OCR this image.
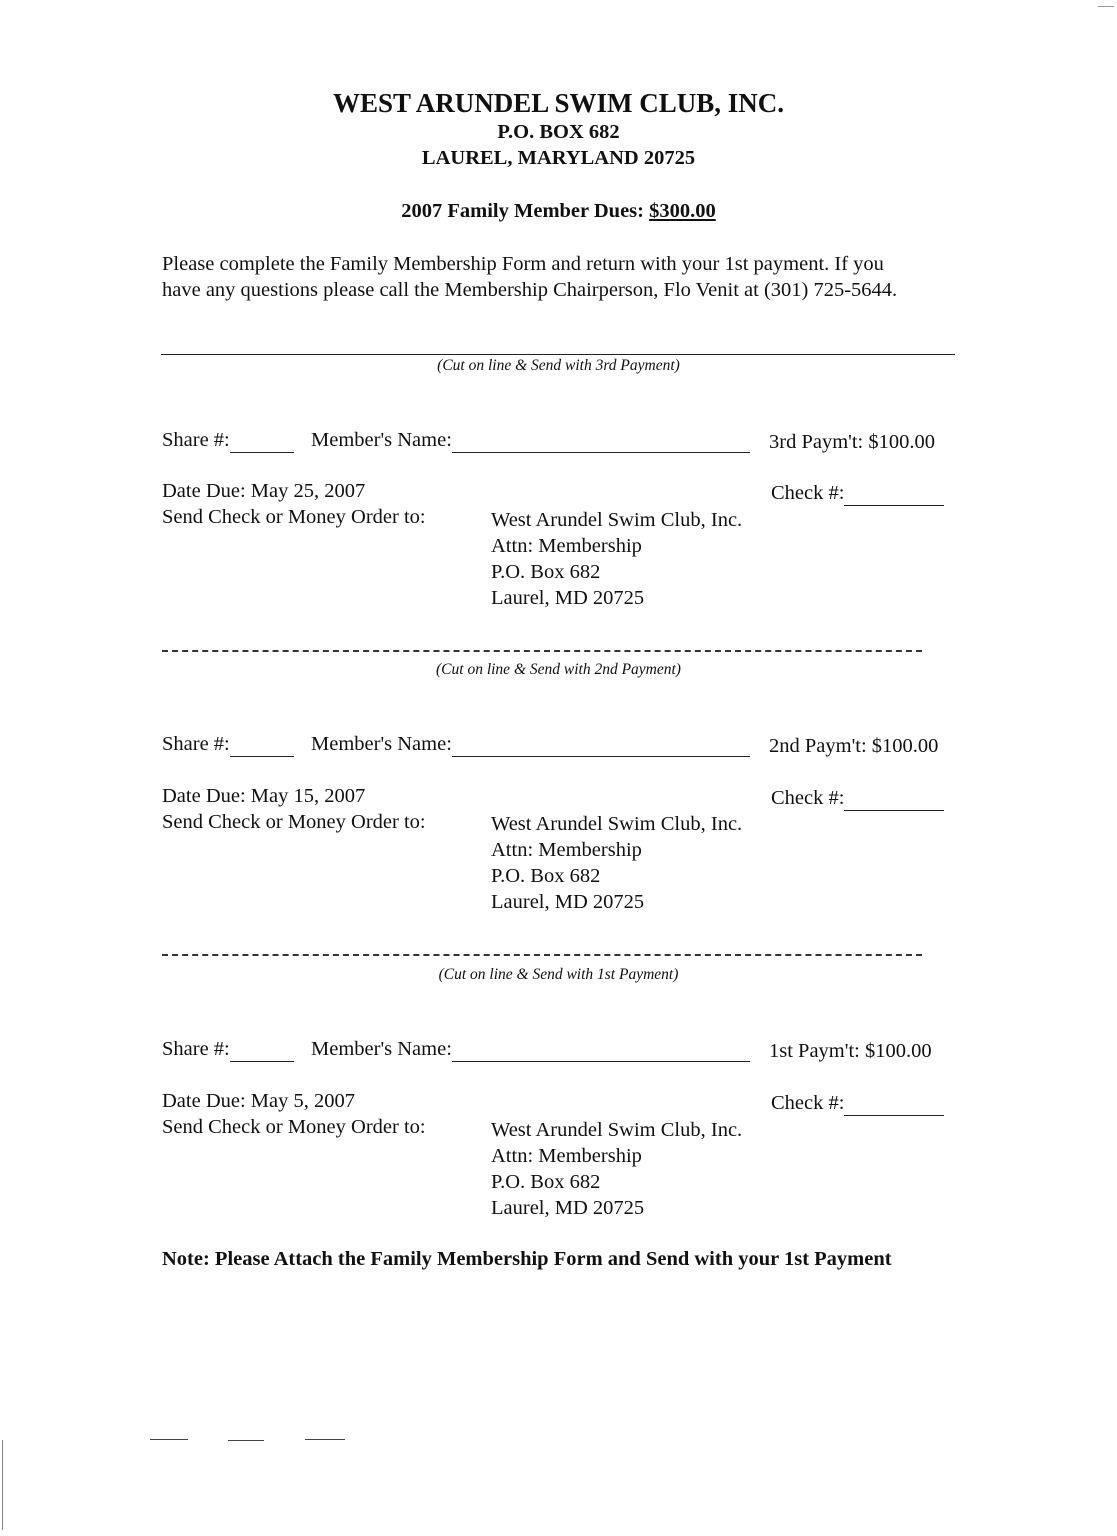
WEST ARUNDEL SWIM CLUB, INC.
P.O. BOX 682
LAUREL, MARYLAND 20725
2007 Family Member Dues: $300.00
Please complete the Family Membership Form and return with your 1st payment. If you
have any questions please call the Membership Chairperson, Flo Venit at (301) 725-5644.
(Cut on line & Send with 3rd Payment)
Share #:	Member's Name:	3rd Paym't: $100.00
Date Due: May 25, 2007	Check #:
Send Check or Money Order to:	West Arundel Swim Club, Inc.
Attn: Membership
P.O. Box 682
Laurel, MD 20725
(Cut on line & Send with 2nd Payment)
Share #:	Member's Name:	2nd Paym't: $100.00
Date Due: May 15, 2007	Check #:
Send Check or Money Order to:	West Arundel Swim Club, Inc.
Attn: Membership
P.O. Box 682
Laurel, MD 20725
(Cut on line & Send with 1st Payment)
Share #:	Member's Name:	1st Paym't: $100.00
Date Due: May 5, 2007	Check #:
Send Check or Money Order to:	West Arundel Swim Club, Inc.
Attn: Membership
P.O. Box 682
Laurel, MD 20725
Note: Please Attach the Family Membership Form and Send with your 1st Payment
